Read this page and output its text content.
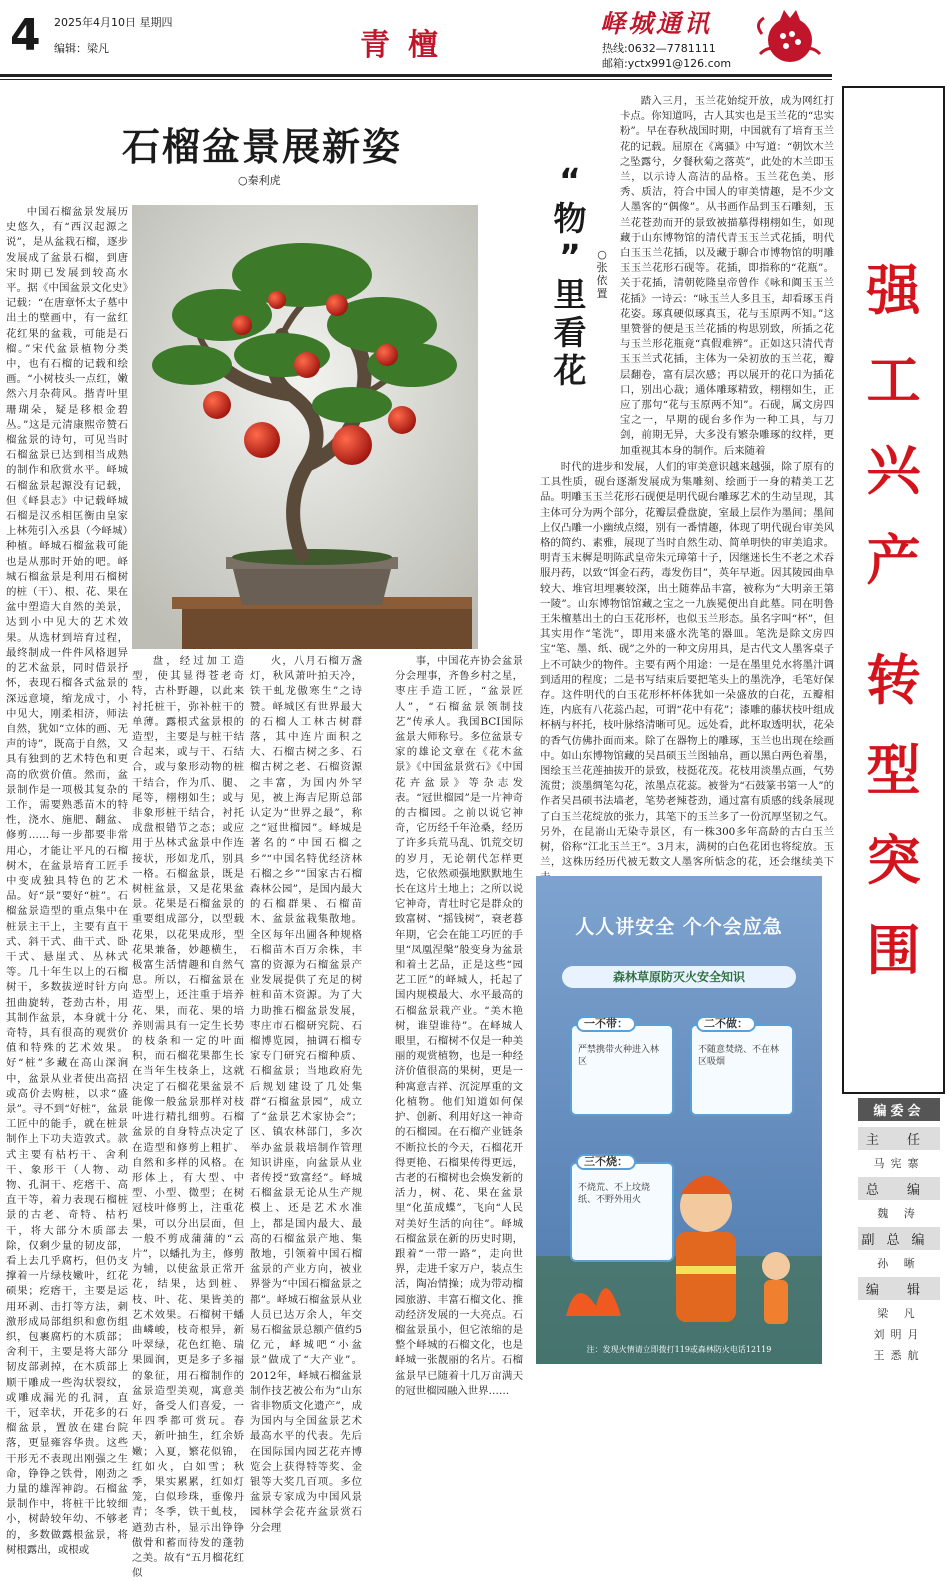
4 2025年4月10日 星期四
编辑：梁凡	青檀
峄城通讯
热线:0632—7781111
邮箱:yctx991@126.com
强
工
兴
产
转
型
突
围
编委会
主 任
马宪寨
总 编
魏 涛
副总编
孙 晰
编 辑
梁 凡
刘明月
王悉航
石榴盆景展新姿
○秦利虎

中国石榴盆景发展历史悠久，有“西汉起源之说”，是从盆栽石榴，逐步发展成了盆景石榴，到唐宋时期已发展到较高水平。据《中国盆景文化史》记载：“在唐章怀太子墓中出土的壁画中，有一盆红花红果的盆栽，可能是石榴。”宋代盆景植物分类中，也有石榴的记载和绘画。“小树枝头一点红，嫩然六月杂荷风。揩青叶里珊瑚朵，疑是移根金碧丛。”这是元清康熙帝赞石榴盆景的诗句，可见当时石榴盆景已达到相当成熟的制作和欣赏水平。峄城石榴盆景起源没有记载，但《峄县志》中记载峄城石榴是汉丞相匡衡由皇家上林苑引入丞县（今峄城）种植。峄城石榴盆栽可能也是从那时开始的吧。峄城石榴盆景是利用石榴树的桩（干）、根、花、果在盆中塑造大自然的美景，达到小中见大的艺术效果。从选材到培育过程，最终制成一件件风格迥异的艺术盆景，同时借景抒怀，表现石榴各式盆景的深远意境，缩龙成寸，小中见大，刚柔相济，师法自然，犹如“立体的画、无声的诗”，既高于自然，又具有独到的艺术特色和更高的欣赏价值。然而，盆景制作是一项极其复杂的工作，需要熟悉苗木的特性，浇水、施肥、翻盆、修剪……每一步都要非常用心，才能让平凡的石榴树木，在盆景培育工匠手中变成独具特色的艺术品。好“景”要好“桩”。石榴盆景造型的重点集中在桩景主干上，主要有直干式、斜干式、曲干式、卧干式、悬崖式、丛林式等。几十年生以上的石榴树干，多数拔逆时针方向扭曲旋转，苍劲古朴，用其制作盆景，本身就十分奇特，具有很高的观赏价值和特殊的艺术效果。好“桩”多藏在高山深涧中，盆景从业者使出高招或高价去购桩，以求“盛景”。寻不到“好桩”，盆景工匠中的能手，就在桩景制作上下功夫造敦式。款式主要有枯朽干、舍利干、象形干（人物、动物、孔洞干、疙瘩干、高直干等，着力表现石榴桩景的古老、奇特、枯朽干，将大部分木质部去除，仅剩少量的韧皮部，看上去几乎腐朽，但仍支撑着一片绿枝嫩叶，红花硕果；疙瘩干，主要是运用环剥、击打等方法，刺激形成局部组织和愈伤组织，包裹腐朽的木质部；舍利干，主要是将大部分韧皮部剥掉，在木质部上顺干雕成一些沟状裂纹，或雕成漏光的孔洞，直干，冠幸状，开花多的石榴盆景，置放在建台院落，更显雍容华贵。这些干形无不表现出刚强之生命，铮铮之铁骨，刚劲之力量的雄浑神韵。石榴盆景制作中，将桩干比较细小，树龄较年幼、不够老的，多数做露根盆景，将树根露出，或根或

盘，经过加工造型，使其显得苍老奇特，古朴野趣，以此来衬托桩干，弥补桩干的单薄。露根式盆景根的造型，主要是与桩干结合起来，或与干、石结合，或与象形动物的桩干结合，作为爪、腿、尾等，栩栩如生；或与非象形桩干结合，衬托成盘根错节之态；或应用于丛林式盆景中作连接状，形如龙爪，别具一格。石榴盆景，既是树桩盆景，又是花果盆景。花果是石榴盆景的重要组成部分，以型载花果，以花果成形，型花果兼备，妙趣横生，极富生活情趣和自然气息。所以，石榴盆景在造型上，还注重于培养花、果，而花、果的培养则需具有一定生长势的枝条和一定的叶面积，而石榴花果都生长在当年生枝条上，这就决定了石榴花果盆景不能像一般盆景那样对枝叶进行精扎细剪。石榴盆景的自身特点决定了在造型和修剪上粗扩、自然和多样的风格。在形体上，有大型、中型、小型、微型；在树冠枝叶修剪上，注重花果，可以分出层面，但一般不剪成蒲蒲的“云片”，以蟠扎为主，修剪为辅，以使盆景正常开花，结果，达到桩、枝、叶、花、果皆美的艺术效果。石榴树干蟠曲嶙峻，枝奇根异，新叶翠绿，花色红艳、瑞果圆润，更是多子多福的象征，用石榴制作的盆景造型美观，寓意美好，备受人们喜爱，一年四季都可赏玩。春天，新叶抽生，红余娇嫩；入夏，繁花似锦，红如火，白如雪；秋季，果实累累，红如灯笼，白似珍珠，垂像丹青；冬季，铁干虬枝，遒劲古朴，显示出铮铮傲骨和蓄而待发的蓬勃之美。故有“五月榴花红似

火，八月石榴万盏灯，秋风萧叶拍天冷，铁干虬龙傲寒生”之诗赞。峄城区有世界最大的石榴人工林古树群落，其中连片面积之大、石榴古树之多、石榴古树之老、石榴资源之丰富，为国内外罕见，被上海吉尼斯总部认定为“世界之最”，称之“冠世榴园”。峄城是著名的“中国石榴之乡”“中国名特优经济林石榴之乡”“国家古石榴森林公园”，是国内最大的石榴群果、石榴苗木、盆景盆栽集散地。全区每年出圃各种规格石榴苗木百万余株，丰富的资源为石榴盆景产业发展提供了充足的树桩和苗木资源。为了大力助推石榴盆景发展，枣庄市石榴研究院、石榴博览园，抽调石榴专家专门研究石榴种质、石榴盆景；当地政府先后规划建设了几处集群“石榴盆景园”，成立了“盆景艺术家协会”；区、镇农林部门，多次举办盆景栽培制作管理知识讲座，向盆景从业者传授“致富经”。峄城石榴盆景无论从生产规模上、还是艺术水准上，都是国内最大、最高的石榴盆景产地、集散地，引领着中国石榴盆景的产业方向，被业界誉为“中国石榴盆景之都”。峄城石榴盆景从业人员已达万余人，年交易石榴盆景总额产值约5亿元，峄城吧“小盆景”做成了“大产业”。2012年，峄城石榴盆景制作技艺被公布为“山东省非物质文化遗产”，成为国内与全国盆景艺术最高水平的代表。先后在国际国内园艺花卉博览会上获得特等奖、金银等大奖几百项。多位盆景专家成为中国风景园林学会花卉盆景赏石分会理

事，中国花卉协会盆景分会理事，齐鲁乡村之星，枣庄手造工匠，“盆景匠人”，“石榴盆景领制技艺”传承人。我国BCI国际盆景大师称号。多位盆景专家的雄论文章在《花木盆景》《中国盆景赏石》《中国花卉盆景》等杂志发表。“冠世榴园”是一片神奇的古榴园。之前以说它神奇，它历经千年沧桑，经历了许多兵荒马乱、饥荒交切的岁月，无论朝代怎样更迭，它依然顽强地默默地生长在这片土地上；之所以说它神奇，青壮时它是群众的致富树、“摇钱树”，衰老暮年期，它会在能工巧匠的手里“凤凰涅槃”般变身为盆景和着土艺品，正是这些“园艺工匠”的峄城人，托起了国内规模最大、水平最高的石榴盆景栽产业。“美木艳树，谁望谁待”。在峄城人眼里，石榴树不仅是一种美丽的观赏植物，也是一种经济价值很高的果树，更是一种寓意吉祥、沉淀厚重的文化植物。他们知道如何保护、创新、利用好这一神奇的石榴园。在石榴产业链条不断拉长的今天，石榴花开得更艳、石榴果传得更远，古老的石榴树也会焕发新的活力，树、花、果在盆景里“化茧成蝶”，飞向“人民对美好生活的向往”。峄城石榴盆景在新的历史时期，跟着“一带一路”，走向世界，走进千家万户，装点生活，陶冶情操；成为带动榴园旅游、丰富石榴文化、推动经济发展的一大亮点。石榴盆景虽小，但它浓缩的是整个峄城的石榴文化，也是峄城一张靓丽的名片。石榴盆景早已随着十几万亩满天的冠世榴园融入世界……

“
物
”
里
看
花
○张依置

踏入三月，玉兰花始绽开放，成为网红打卡点。你知道吗，古人其实也是玉兰花的“忠实粉”。早在春秋战国时期，中国就有了培育玉兰花的记载。屈原在《离骚》中写道：“朝饮木兰之坠露兮，夕餐秋菊之落英”，此处的木兰即玉兰，以示诗人高洁的品格。玉兰花色美、形秀、质洁，符合中国人的审美情趣，是不少文人墨客的“偶像”。从书画作品到玉石雕刻，玉兰花苍劲而开的景致被描摹得栩栩如生，如现藏于山东博物馆的清代青玉玉兰式花插，明代白玉玉兰花插，以及藏于聊合市博物馆的明雕玉玉兰花形石砚等。花插，即指称的“花瓶”。关于花插，清朝乾隆皇帝曾作《咏和阗玉玉兰花插》一诗云：“咏玉兰人多且玉，却看琢玉肖花姿。琢真硬似琢真玉，花与玉原两不知。”这里赞誉的便是玉兰花插的构思别致，所插之花与玉兰形花瓶竟“真假难辨”。正如这只清代青玉玉兰式花插，主体为一朵初放的玉兰花，瓣层翻卷，富有层次感；再以展开的花口为插花口，别出心裁；通体雕琢精致，栩栩如生，正应了那句“花与玉原两不知”。石砚，属文房四宝之一，早期的砚台多作为一种工具，与刀剑，前期无异，大多没有繁杂雕琢的纹样，更加重视其本身的制作。后来随着

时代的进步和发展，人们的审美意识越来越强，除了原有的工具性质，砚台逐渐发展成为集雕刻、绘画于一身的精美工艺品。明雕玉玉兰花形石砚便是明代砚台雕琢艺术的生动呈现，其主体可分为两个部分，花瓣层叠盘旋，室最上层作为墨间；墨间上仅凸雕一小幽绒点缀，别有一番情趣，体现了明代砚台审美风格的简约、素雅，展现了当时自然生动、简单明快的审美追求。明青玉末樨是明陈武皇帝朱元璋第十子，因继迷长生不老之术吞服丹药，以致“饵金石药，毒发伤目”，英年早逝。因其陵园曲阜较大、堆官坦埋裹较深，出土随葬品丰富，被称为“大明亲王第一陵”。山东博物馆馆藏之宝之一九族冕便出自此墓。同在明鲁王朱檀墓出土的白玉花形杯，也似玉兰形态。虽名字叫“杯”，但其实用作“笔洗”，即用来盛水洗笔的器皿。笔洗是除文房四宝“笔、墨、纸、砚”之外的一种文房用具，是古代文人墨客桌子上不可缺少的物件。主要有两个用途：一是在墨里兑水将墨汁调到适用的程度；二是书写结束后要把笔头上的墨洗净，毛笔好保存。这件明代的白玉花形杯杯体犹如一朵盛放的白花，五瓣相连，内底有八花蕊凸起，可谓“花中有花”；漆雕的藤状枝叶组成杯柄与杯托，枝叶脉络清晰可见。远处看，此杯取透明状，花朵的香气仿佛扑面而来。除了在器物上的雕琢，玉兰也出现在绘画中。如山东博物馆藏的吴昌硕玉兰图轴帛，画以黑白两色着墨，图绘玉兰花莲抽拔开的景致，枝挺花茂。花枝用淡墨点画，气势流贯；淡墨绸笔勾花，浓墨点花蕊。被誉为“石鼓篆书第一人”的作者吴昌硕书法墙老，笔势老辣苍劲，通过富有质感的线条展现了白玉兰花绽放的张力，其笔下的玉兰多了一份沉厚坚韧之气。另外，在昆嵛山无染寺景区，有一株300多年高龄的古白玉兰树，俗称“江北玉兰王”。3月末，满树的白色花团也将绽放。玉兰，这株历经历代被无数文人墨客所惦念的花，还会继续美下

人人讲安全 个个会应急
森林草原防灭火安全知识
一不带：
严禁携带火种进入林区
二不做：
不随意焚烧、不在林区吸烟
三不烧：
不烧荒、不上坟烧纸、不野外用火
注：发现火情请立即拨打119或森林防火电话12119
